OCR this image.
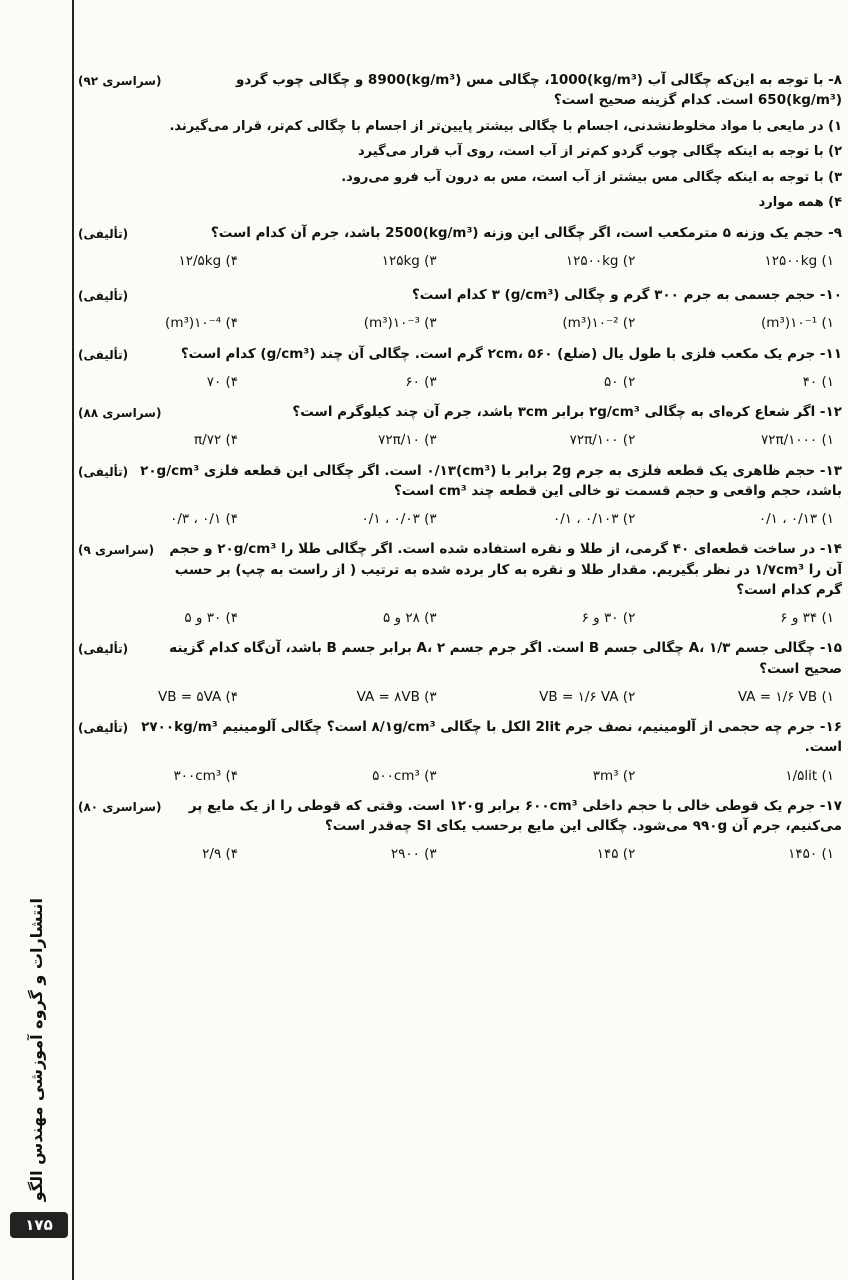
انتشارات و گروه آموزشی مهندس الگو
۱۷۵
۸- با توجه به این‌که چگالی آب (kg/m³)1000، چگالی مس (kg/m³)8900 و چگالی چوب گردو (kg/m³)650 است. کدام گزینه صحیح است؟
(سراسری ۹۲)
۱) در مایعی با مواد مخلوط‌نشدنی، اجسام با چگالی بیشتر پایین‌تر از اجسام با چگالی کم‌تر، قرار می‌گیرند.
۲) با توجه به اینکه چگالی چوب گردو کم‌تر از آب است، روی آب قرار می‌گیرد
۳) با توجه به اینکه چگالی مس بیشتر از آب است، مس به درون آب فرو می‌رود.
۴) همه موارد
۹- حجم یک وزنه ۵ مترمکعب است، اگر چگالی این وزنه (kg/m³)2500 باشد، جرم آن کدام است؟
(تألیفی)
۱) ۱۲۵۰۰kg
۲) ۱۲۵۰۰kg
۳) ۱۲۵kg
۴) ۱۲/۵kg
۱۰- حجم جسمی به جرم ۳۰۰ گرم و چگالی (g/cm³) ۳ کدام است؟
(تألیفی)
۱) ۱۰⁻¹(m³)
۲) ۱۰⁻²(m³)
۳) ۱۰⁻³(m³)
۴) ۱۰⁻⁴(m³)
۱۱- جرم یک مکعب فلزی با طول یال (ضلع) ۲cm، ۵۶۰ گرم است. چگالی آن چند (g/cm³) کدام است؟
(تألیفی)
۱) ۴۰
۲) ۵۰
۳) ۶۰
۴) ۷۰
۱۲- اگر شعاع کره‌ای به چگالی ۲g/cm³ برابر ۳cm باشد، جرم آن چند کیلوگرم است؟
(سراسری ۸۸)
۱) ۷۲π/۱۰۰۰
۲) ۷۲π/۱۰۰
۳) ۷۲π/۱۰
۴) ۷۲/π
۱۳- حجم ظاهری یک قطعه فلزی به جرم 2g برابر با (cm³)۰/۱۳ است. اگر چگالی این قطعه فلزی ۲۰g/cm³ باشد، حجم واقعی و حجم قسمت تو خالی این قطعه چند cm³ است؟
(تألیفی)
۱) ۰/۱۳ ، ۰/۱
۲) ۰/۱۰۳ ، ۰/۱
۳) ۰/۰۳ ، ۰/۱
۴) ۰/۱ ، ۰/۳
۱۴- در ساخت قطعه‌ای ۴۰ گرمی، از طلا و نقره استفاده شده است. اگر چگالی طلا را ۲۰g/cm³ و حجم آن را ۱/۷cm³ در نظر بگیریم. مقدار طلا و نقره به کار برده شده به ترتیب ( از راست به چپ) بر حسب گرم کدام است؟
(سراسری ۹)
۱) ۳۴ و ۶
۲) ۳۰ و ۶
۳) ۲۸ و ۵
۴) ۳۰ و ۵
۱۵- چگالی جسم A، ۱/۳ چگالی جسم B است. اگر جرم جسم A، ۲ برابر جسم B باشد، آن‌گاه کدام گزینه صحیح است؟
(تألیفی)
۱) VA = ۱/۶ VB
۲) VB = ۱/۶ VA
۳) VA = ۸VB
۴) VB = ۵VA
۱۶- جرم چه حجمی از آلومینیم، نصف جرم 2lit الکل با چگالی ۸/۱g/cm³ است؟ چگالی آلومینیم ۲۷۰۰kg/m³ است.
(تألیفی)
۱) ۱/۵lit
۲) ۳m³
۳) ۵۰۰cm³
۴) ۳۰۰cm³
۱۷- جرم یک قوطی خالی با حجم داخلی ۶۰۰cm³ برابر ۱۲۰g است. وقتی که قوطی را از یک مایع پر می‌کنیم، جرم آن ۹۹۰g می‌شود. چگالی این مایع برحسب یکای SI چه‌قدر است؟
(سراسری ۸۰)
۱) ۱۴۵۰
۲) ۱۴۵
۳) ۲۹۰۰
۴) ۲/۹
